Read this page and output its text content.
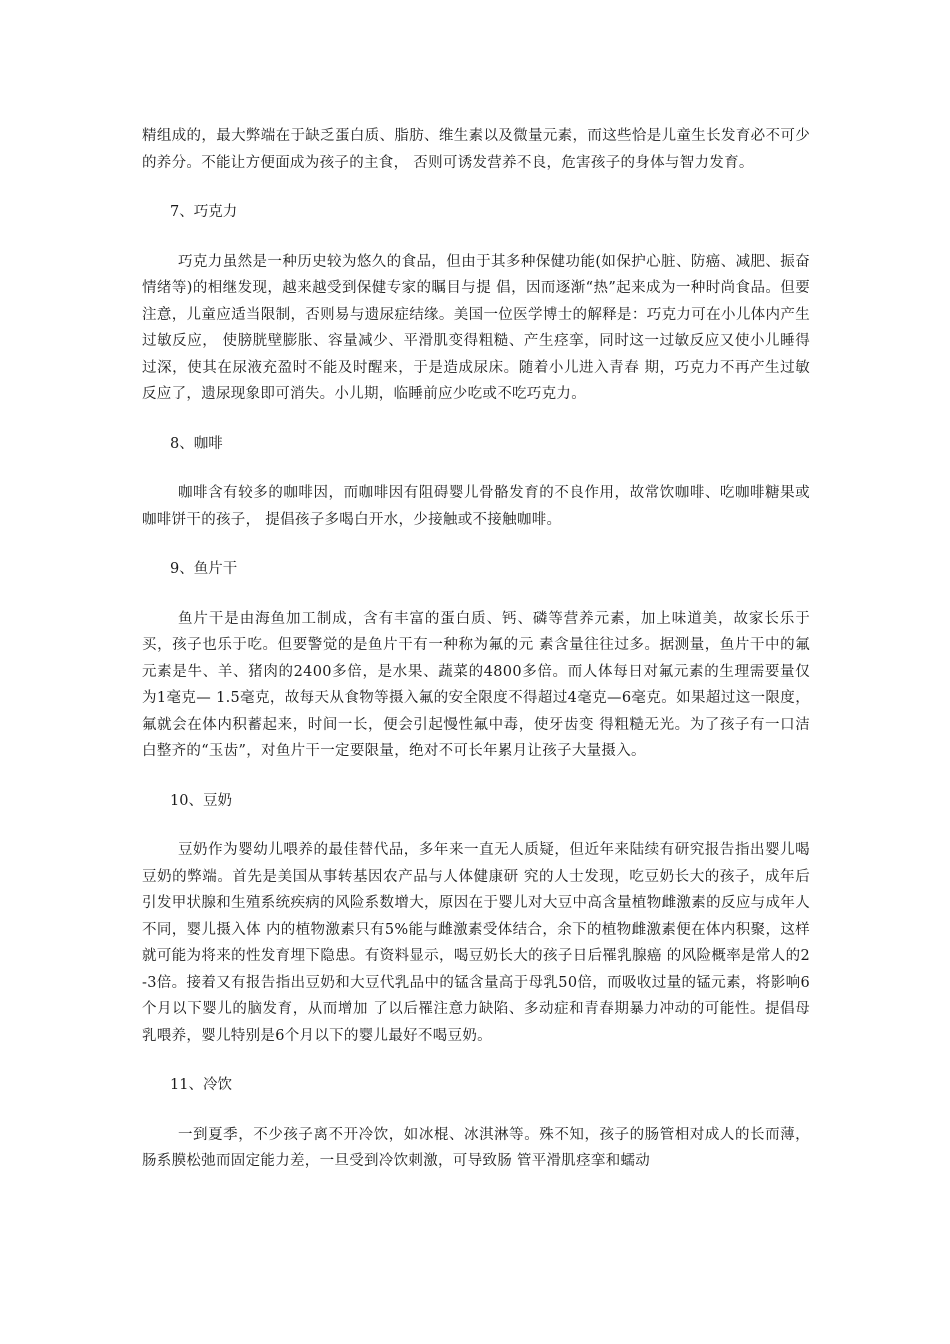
精组成的，最大弊端在于缺乏蛋白质、脂肪、维生素以及微量元素，而这些恰是儿童生长发育必不可少的养分。不能让方便面成为孩子的主食， 否则可诱发营养不良，危害孩子的身体与智力发育。

7、巧克力

巧克力虽然是一种历史较为悠久的食品，但由于其多种保健功能(如保护心脏、防癌、减肥、振奋情绪等)的相继发现，越来越受到保健专家的瞩目与提 倡，因而逐渐“热”起来成为一种时尚食品。但要注意，儿童应适当限制，否则易与遗尿症结缘。美国一位医学博士的解释是：巧克力可在小儿体内产生过敏反应， 使膀胱壁膨胀、容量减少、平滑肌变得粗糙、产生痉挛，同时这一过敏反应又使小儿睡得过深，使其在尿液充盈时不能及时醒来，于是造成尿床。随着小儿进入青春 期，巧克力不再产生过敏反应了，遗尿现象即可消失。小儿期，临睡前应少吃或不吃巧克力。

8、咖啡

咖啡含有较多的咖啡因，而咖啡因有阻碍婴儿骨骼发育的不良作用，故常饮咖啡、吃咖啡糖果或咖啡饼干的孩子， 提倡孩子多喝白开水，少接触或不接触咖啡。

9、鱼片干

鱼片干是由海鱼加工制成，含有丰富的蛋白质、钙、磷等营养元素，加上味道美，故家长乐于买，孩子也乐于吃。但要警觉的是鱼片干有一种称为氟的元 素含量往往过多。据测量，鱼片干中的氟元素是牛、羊、猪肉的2400多倍，是水果、蔬菜的4800多倍。而人体每日对氟元素的生理需要量仅为1毫克— 1.5毫克，故每天从食物等摄入氟的安全限度不得超过4毫克—6毫克。如果超过这一限度，氟就会在体内积蓄起来，时间一长，便会引起慢性氟中毒，使牙齿变 得粗糙无光。为了孩子有一口洁白整齐的“玉齿”，对鱼片干一定要限量，绝对不可长年累月让孩子大量摄入。

10、豆奶

豆奶作为婴幼儿喂养的最佳替代品，多年来一直无人质疑，但近年来陆续有研究报告指出婴儿喝豆奶的弊端。首先是美国从事转基因农产品与人体健康研 究的人士发现，吃豆奶长大的孩子，成年后引发甲状腺和生殖系统疾病的风险系数增大，原因在于婴儿对大豆中高含量植物雌激素的反应与成年人不同，婴儿摄入体 内的植物激素只有5%能与雌激素受体结合，余下的植物雌激素便在体内积聚，这样就可能为将来的性发育埋下隐患。有资料显示，喝豆奶长大的孩子日后罹乳腺癌 的风险概率是常人的2-3倍。接着又有报告指出豆奶和大豆代乳品中的锰含量高于母乳50倍，而吸收过量的锰元素，将影响6个月以下婴儿的脑发育，从而增加 了以后罹注意力缺陷、多动症和青春期暴力冲动的可能性。提倡母乳喂养，婴儿特别是6个月以下的婴儿最好不喝豆奶。

11、冷饮

一到夏季，不少孩子离不开冷饮，如冰棍、冰淇淋等。殊不知，孩子的肠管相对成人的长而薄，肠系膜松弛而固定能力差，一旦受到冷饮刺激，可导致肠 管平滑肌痉挛和蠕动
